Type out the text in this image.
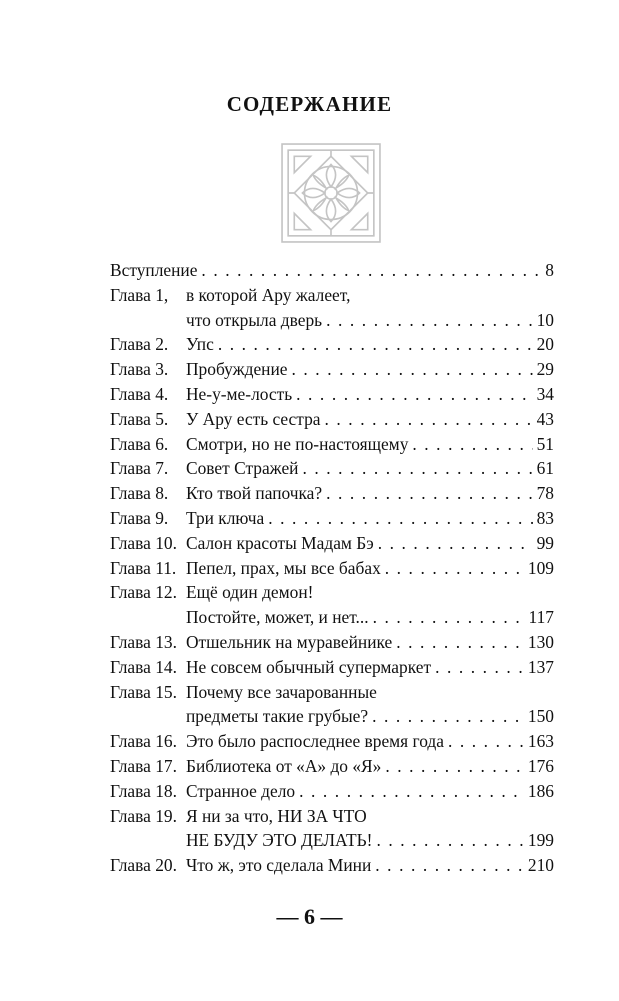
СОДЕРЖАНИЕ
Вступление . . .	8
Глава 1,	в которой Ару жалеет,
что открыла дверь . . .	10
Глава 2.	Упс . . .	20
Глава 3.	Пробуждение . . .	29
Глава 4.	Не-у-ме-лость . . .	34
Глава 5.	У Ару есть сестра . . .	43
Глава 6.	Смотри, но не по-настоящему . . .	51
Глава 7.	Совет Стражей . . .	61
Глава 8.	Кто твой папочка? . . .	78
Глава 9.	Три ключа . . .	83
Глава 10. Салон красоты Мадам Бэ . . .	99
Глава 11. Пепел, прах, мы все бабах . . .	109
Глава 12. Ещё один демон!
Постойте, может, и нет... . . .	117
Глава 13. Отшельник на муравейнике . . .	130
Глава 14. Не совсем обычный супермаркет . . .	137
Глава 15. Почему все зачарованные
предметы такие грубые? . . .	150
Глава 16. Это было распоследнее время года . . .	163
Глава 17. Библиотека от «А» до «Я» . . .	176
Глава 18. Странное дело . . .	186
Глава 19. Я ни за что, НИ ЗА ЧТО
НЕ БУДУ ЭТО ДЕЛАТЬ! . . .	199
Глава 20. Что ж, это сделала Мини . . .	210
— 6 —
